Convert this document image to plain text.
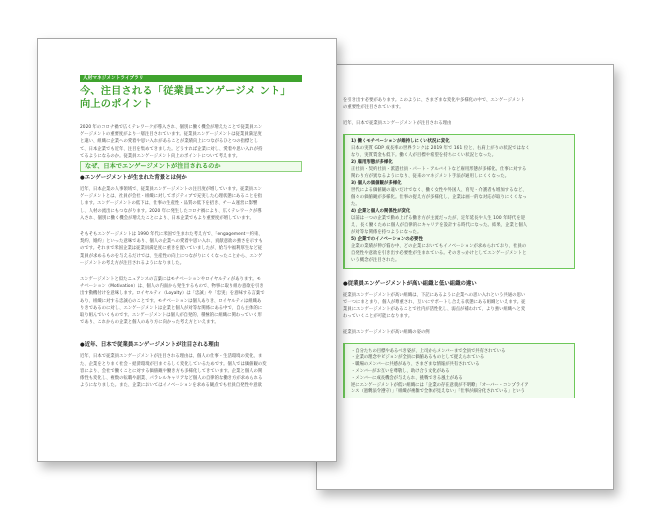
を引き出す必要があります。このように、さまざまな変化や多様化の中で、エンゲージメント

の重要性が注目されています。

近年、日本で従業員エンゲージメントが注目される理由

1) 働くモチベーションが維持しにくい状況に変化
日本の実質 GDP 成長率の世界ランクは 2019 年で 161 位と、右肩上がりの状況ではなく
なり、実質賃金も低下。働く人が目標や希望を持ちにくい状況となった。
2) 雇用形態が多様化
正社員・契約社員・派遣社員・パート・アルバイトなど雇用形態が多様化。仕事に対する
関わり方が異なるようになり、従来のマネジメント手法が通用しにくくなった。
3) 個人の価値観が多様化
世代による価値観の違いだけでなく、働く女性や外国人、育児・介護者も増加するなど、
個々の価値観が多様化。仕事の捉え方が多様化し、企業は画一的な対応が取りにくくなっ
た。
4) 企業と個人の関係性が変化
以前は一つの企業で勤め上げる働き方が主流だったが、定年延長や人生 100 年時代を迎
え、長く働くために個人が自律的にキャリアを設計する時代になった。結果、企業と個人
が対等な関係を持つようになった。
5) 企業でのイノベーションの必要性
企業の業績が伸び悩む中、どの企業においてもイノベーションが求められており、社員の
自発性や意欲を引き出す必要性が生まれている。そのきっかけとしてエンゲージメントと
いう概念が注目された。
●従業員エンゲージメントが高い組織と低い組織の違い

従業員エンゲージメントが高い組織は、下記にあるように企業への思い入れという共通の思い

で一つにまとまり、個人が尊重され、互いにサポートし合える状態にある組織といえます。従

業員にエンゲージメントがあることで社内が活性化し、弱点が補われて、より強い組織へと変

わっていくことが可能になります。

従業員エンゲージメントが高い組織の姿の例

・自分たちの目標やあるべき姿が、上司からメンバーまで全員で共有されている
・企業の理念やビジョンが全員に価値あるものとして捉えられている
・職場のメンバーに共感があり、さまざまな情報が共有されている
・メンバーがお互いを尊敬し、助け合う文化がある
・メンバーに成長機会が与えられ、挑戦できる風土がある
逆にエンゲージメントが低い組織には「企業の存在意義が不明瞭」「オーバー・コンプライア
ンス（過剰法令遵守）」「組織が複雑で全体が見えない」「仕事が細分化されている」という
人材マネジメントライブラリ
今、注目される「従業員エンゲージメ ント」
向上のポイント

2020 年のコロナ禍で広くテレワークが導入され、個別に働く機会が増えたことで従業員エン

ゲージメントの重要度がより一層注目されています。従業員エンゲージメントは従業員満足度

と違い、組織に企業への愛着や思い入れがあることが業績向上につながるひとつの指標とし

て、日本企業でも近年、注目を集めてきました。どうすれば企業に対し、愛着や思い入れが持

てるようになるのか。従業員エンゲージメント向上のポイントについて考えます。

なぜ、日本でエンゲージメントが注目されるのか
●エンゲージメントが生まれた背景とは何か

近年、日本企業の人事領域で、従業員エンゲージメントの注目度が増しています。従業員エン

ゲージメントとは、社員が会社・組織に対してポジティブで充実した心理状態にあることを指

します。エンゲージメントの低下は、仕事の生産性・品質の低下を招き、チーム運営に影響

し、人材の流出にもつながります。2020 年に発生したコロナ禍により、広くテレワークが導

入され、個別に働く機会が増えたことにより、日本企業でもより重要度が増しています。

そもそもエンゲージメントは 1990 年代に米国で生まれた考え方で、「engagement＝約束、

契約、婚約」といった意味であり、個人の企業への愛着や思い入れ、貢献意欲の強さを示すも

のです。それまで米国企業は従業員満足度に重きを置いていましたが、給与や福利厚生など従

業員が求めるものを与えるだけでは、生産性の向上につながりにくくなったことから、エンゲ

ージメントの考え方が注目されるようになりました。

エンゲージメントと似たニュアンスの言葉にはモチベーションやロイヤルティがあります。モ

チベーション（Motivation）は、個人の内面から発生するもので、物事に取り組む意欲を引き

出す動機付けを意味します。ロイヤルティ（Loyalty）は「忠誠」や「忠実」を意味する言葉で

あり、組織に対する忠誠心のことです。モチベーションは個人ありき、ロイヤルティは組織あ

りきであるのに対し、エンゲージメントは企業と個人が対等な関係にある中で、自ら主体的に

取り組んでいくものです。エンゲージメントは個人が自発的、積極的に組織に関わっていく形

であり、これからの企業と個人のあり方に向かった考え方といえます。

●近年、日本で従業員エンゲージメントが注目される理由

近年、日本で従業員エンゲージメントが注目される理由は、個人の仕事・生活環境の変化、ま

た、企業をとりまく社会・経済環境が目まぐるしく変化しているためです。個人では価値観の変

容により、会社で働くことに対する価値観や働き方も多様化してきています。企業と個人の関

係性も変化し、複数の転職や副業、パラレルキャリアなど個人の自律的な働き方が求められる

ようになりました。また、企業においてはイノベーションを求める観点でも社員自発性や意欲
